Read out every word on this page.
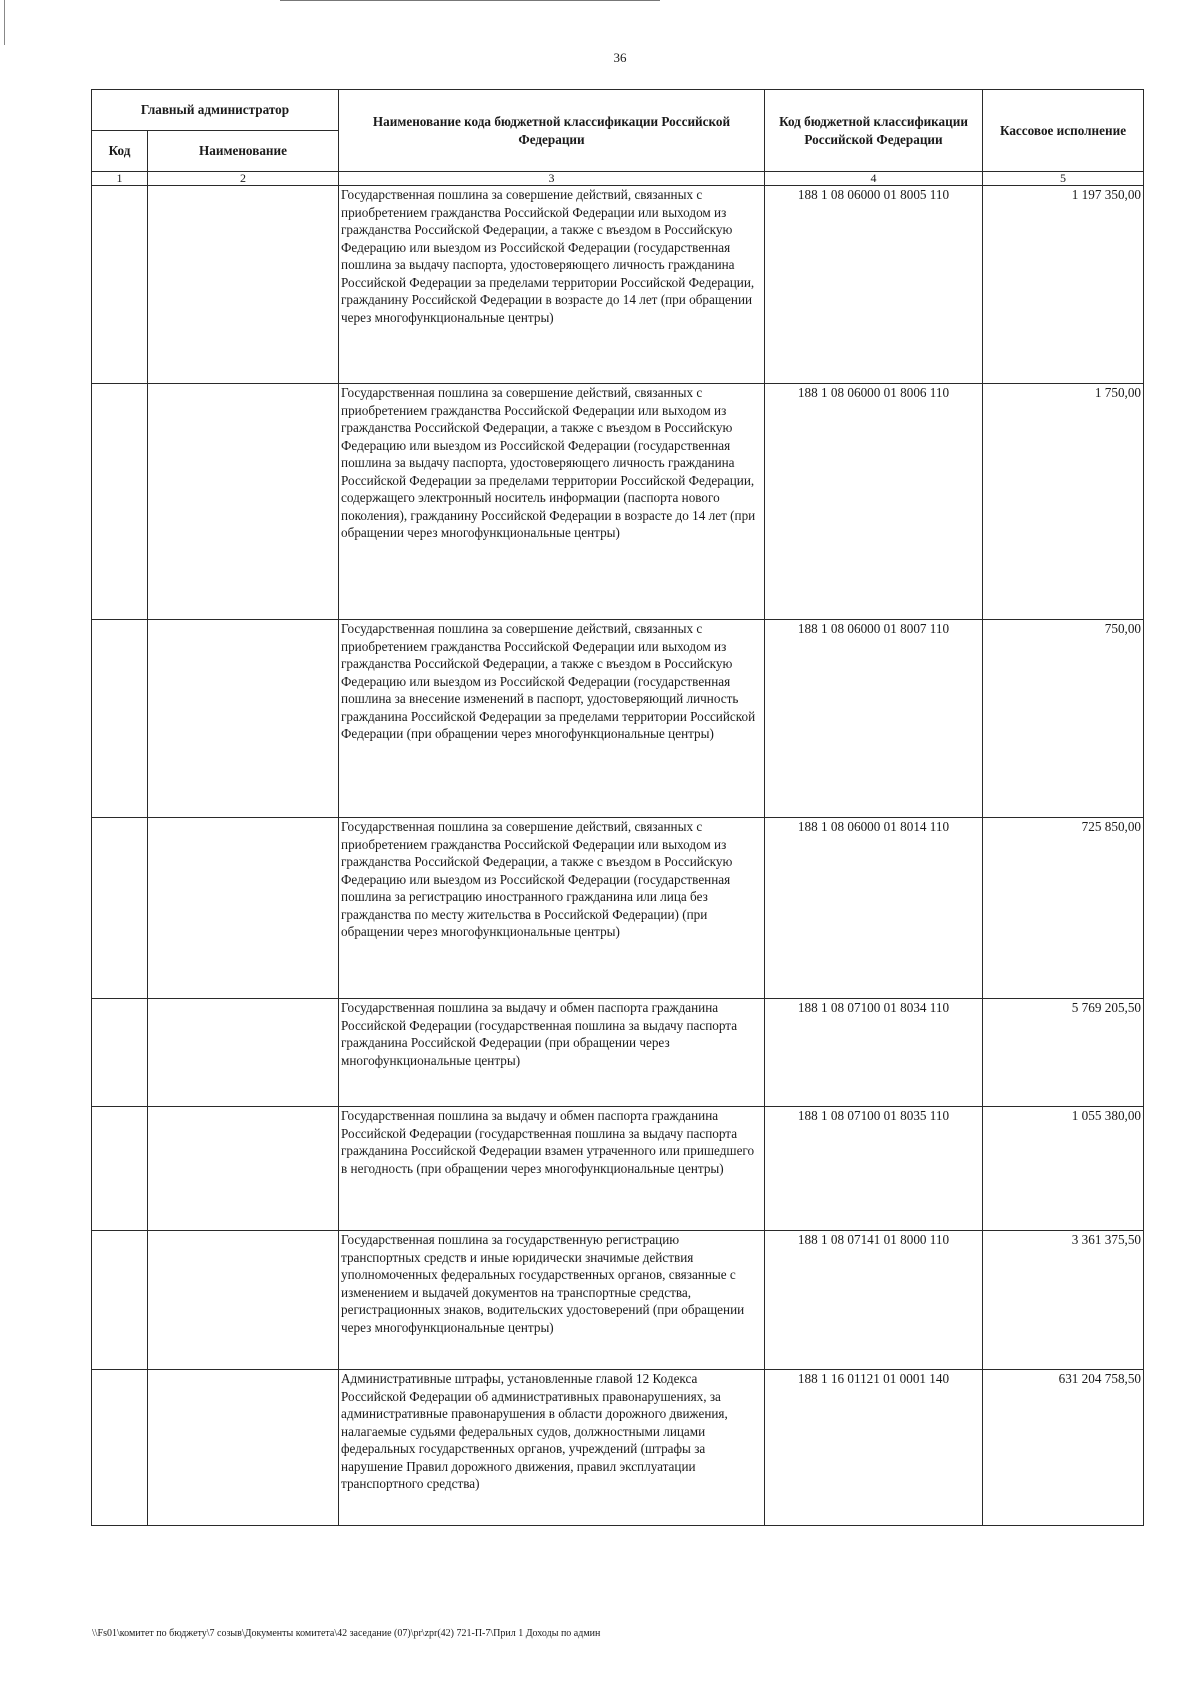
36
Главный администратор		Наименование кода бюджетной классификации Российской Федерации	Код бюджетной классификации Российской Федерации	Кассовое исполнение
Код	Наименование			
1	2	3	4	5
		Государственная пошлина за совершение действий, связанных с приобретением гражданства Российской Федерации или выходом из гражданства Российской Федерации, а также с въездом в Российскую Федерацию или выездом из Российской Федерации (государственная пошлина за выдачу паспорта, удостоверяющего личность гражданина Российской Федерации за пределами территории Российской Федерации, гражданину Российской Федерации в возрасте до 14 лет (при обращении через многофункциональные центры)	188 1 08 06000 01 8005 110	1 197 350,00
		Государственная пошлина за совершение действий, связанных с приобретением гражданства Российской Федерации или выходом из гражданства Российской Федерации, а также с въездом в Российскую Федерацию или выездом из Российской Федерации (государственная пошлина за выдачу паспорта, удостоверяющего личность гражданина Российской Федерации за пределами территории Российской Федерации, содержащего электронный носитель информации (паспорта нового поколения), гражданину Российской Федерации в возрасте до 14 лет (при обращении через многофункциональные центры)	188 1 08 06000 01 8006 110	1 750,00
		Государственная пошлина за совершение действий, связанных с приобретением гражданства Российской Федерации или выходом из гражданства Российской Федерации, а также с въездом в Российскую Федерацию или выездом из Российской Федерации (государственная пошлина за внесение изменений в паспорт, удостоверяющий личность гражданина Российской Федерации за пределами территории Российской Федерации (при обращении через многофункциональные центры)	188 1 08 06000 01 8007 110	750,00
		Государственная пошлина за совершение действий, связанных с приобретением гражданства Российской Федерации или выходом из гражданства Российской Федерации, а также с въездом в Российскую Федерацию или выездом из Российской Федерации (государственная пошлина за регистрацию иностранного гражданина или лица без гражданства по месту жительства в Российской Федерации) (при обращении через многофункциональные центры)	188 1 08 06000 01 8014 110	725 850,00
		Государственная пошлина за выдачу и обмен паспорта гражданина Российской Федерации (государственная пошлина за выдачу паспорта гражданина Российской Федерации (при обращении через многофункциональные центры)	188 1 08 07100 01 8034 110	5 769 205,50
		Государственная пошлина за выдачу и обмен паспорта гражданина Российской Федерации (государственная пошлина за выдачу паспорта гражданина Российской Федерации взамен утраченного или пришедшего в негодность (при обращении через многофункциональные центры)	188 1 08 07100 01 8035 110	1 055 380,00
		Государственная пошлина за государственную регистрацию транспортных средств и иные юридически значимые действия уполномоченных федеральных государственных органов, связанные с изменением и выдачей документов на транспортные средства, регистрационных знаков, водительских удостоверений (при обращении через многофункциональные центры)	188 1 08 07141 01 8000 110	3 361 375,50
		Административные штрафы, установленные главой 12 Кодекса Российской Федерации об административных правонарушениях, за административные правонарушения в области дорожного движения, налагаемые судьями федеральных судов, должностными лицами федеральных государственных органов, учреждений (штрафы за нарушение Правил дорожного движения, правил эксплуатации транспортного средства)	188 1 16 01121 01 0001 140	631 204 758,50
\\Fs01\комитет по бюджету\7 созыв\Документы комитета\42 заседание (07)\pr\zpr(42) 721-П-7\Прил 1 Доходы по админ
